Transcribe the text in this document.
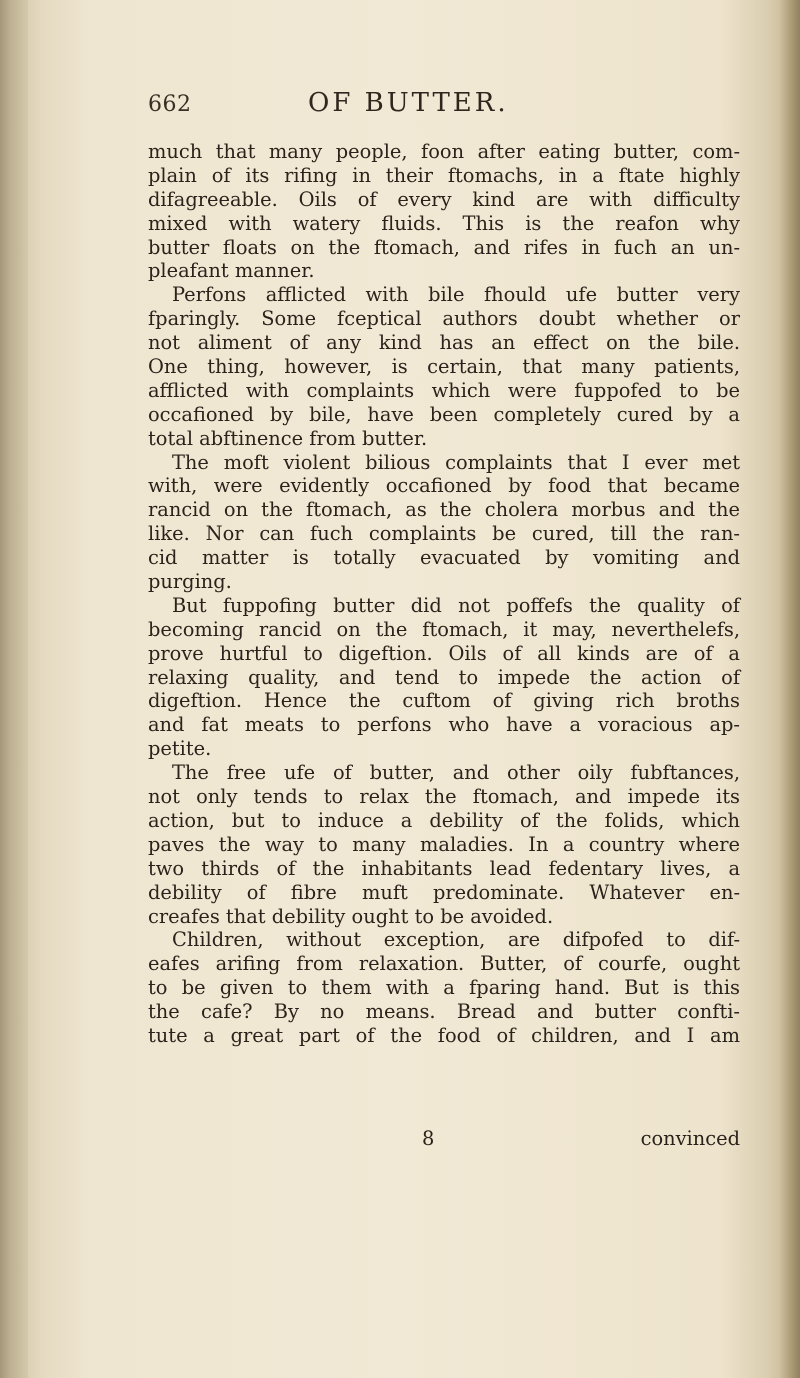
662	OF BUTTER.
much that many people, foon after eating butter, com-
plain of its rifing in their ftomachs, in a ftate highly
difagreeable. Oils of every kind are with difficulty
mixed with watery fluids. This is the reafon why
butter floats on the ftomach, and rifes in fuch an un-
pleafant manner.
Perfons afflicted with bile fhould ufe butter very
fparingly. Some fceptical authors doubt whether or
not aliment of any kind has an effect on the bile.
One thing, however, is certain, that many patients,
afflicted with complaints which were fuppofed to be
occafioned by bile, have been completely cured by a
total abftinence from butter.
The moft violent bilious complaints that I ever met
with, were evidently occafioned by food that became
rancid on the ftomach, as the cholera morbus and the
like. Nor can fuch complaints be cured, till the ran-
cid matter is totally evacuated by vomiting and
purging.
But fuppofing butter did not poffefs the quality of
becoming rancid on the ftomach, it may, neverthelefs,
prove hurtful to digeftion. Oils of all kinds are of a
relaxing quality, and tend to impede the action of
digeftion. Hence the cuftom of giving rich broths
and fat meats to perfons who have a voracious ap-
petite.
The free ufe of butter, and other oily fubftances,
not only tends to relax the ftomach, and impede its
action, but to induce a debility of the folids, which
paves the way to many maladies. In a country where
two thirds of the inhabitants lead fedentary lives, a
debility of fibre muft predominate. Whatever en-
creafes that debility ought to be avoided.
Children, without exception, are difpofed to dif-
eafes arifing from relaxation. Butter, of courfe, ought
to be given to them with a fparing hand. But is this
the cafe? By no means. Bread and butter confti-
tute a great part of the food of children, and I am
8	convinced
